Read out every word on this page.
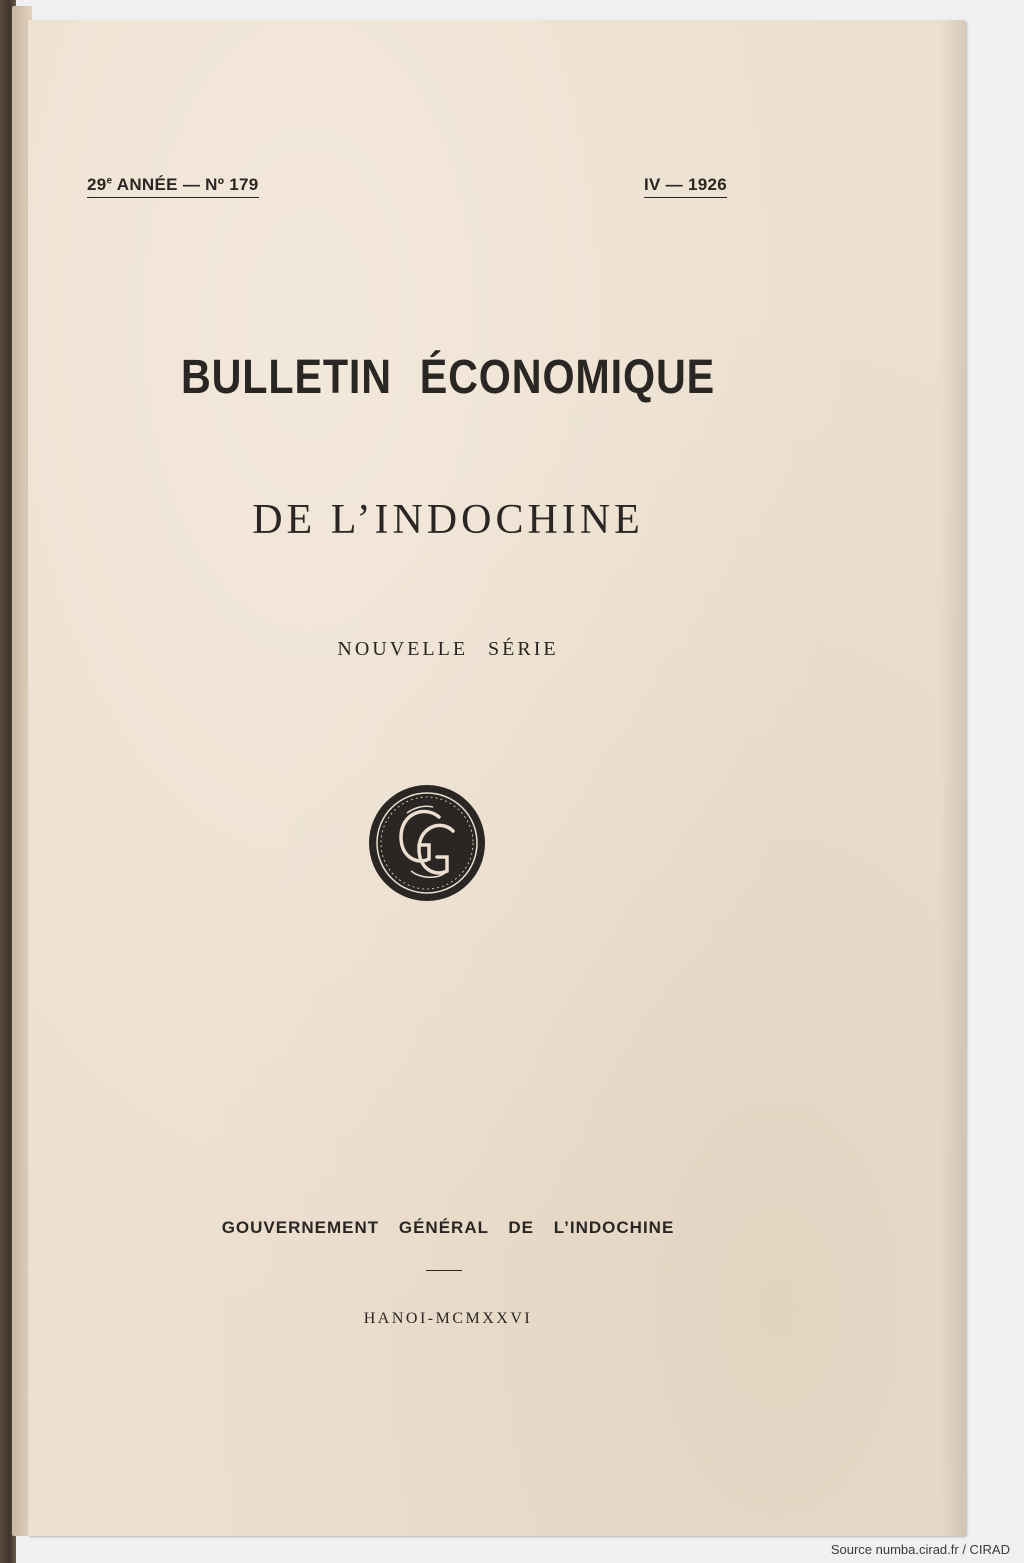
29e ANNÉE — Nº 179	IV — 1926
BULLETIN ÉCONOMIQUE
DE L’INDOCHINE
NOUVELLE SÉRIE
GOUVERNEMENT GÉNÉRAL DE L’INDOCHINE
HANOI-MCMXXVI
Source numba.cirad.fr / CIRAD
